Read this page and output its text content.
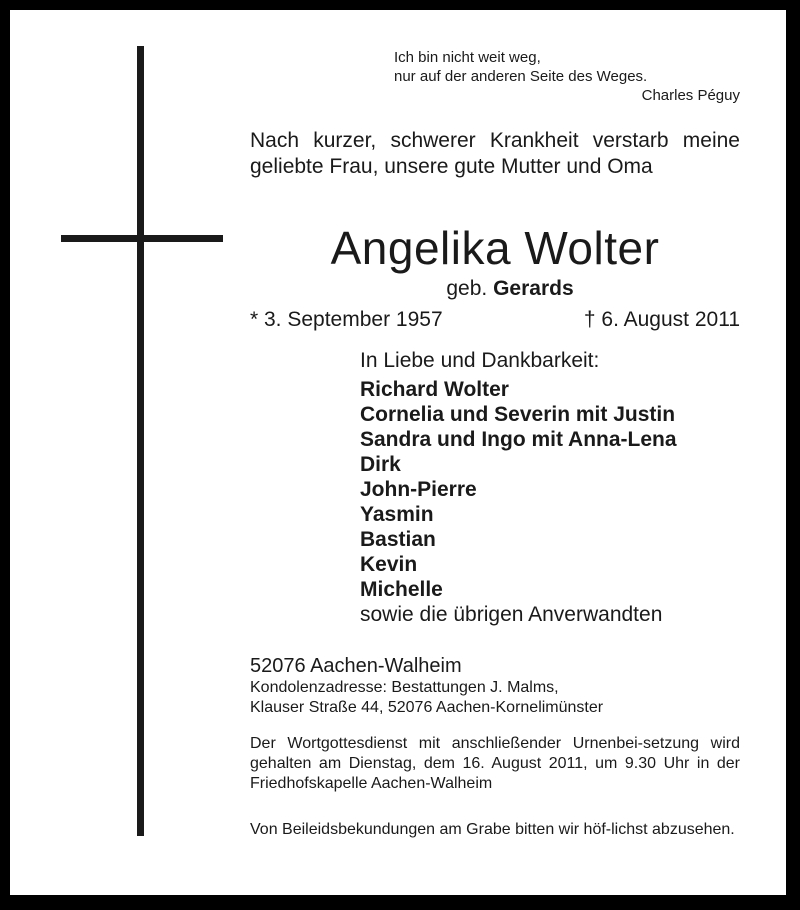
Ich bin nicht weit weg,
nur auf der anderen Seite des Weges.
Charles Péguy
Nach kurzer, schwerer Krankheit verstarb meine geliebte Frau, unsere gute Mutter und Oma
Angelika Wolter
geb. Gerards
* 3. September 1957	† 6. August 2011
In Liebe und Dankbarkeit:
Richard Wolter
Cornelia und Severin mit Justin
Sandra und Ingo mit Anna-Lena
Dirk
John-Pierre
Yasmin
Bastian
Kevin
Michelle
sowie die übrigen Anverwandten
52076 Aachen-Walheim
Kondolenzadresse: Bestattungen J. Malms,
Klauser Straße 44, 52076 Aachen-Kornelimünster
Der Wortgottesdienst mit anschließender Urnenbei-setzung wird gehalten am Dienstag, dem 16. August 2011, um 9.30 Uhr in der Friedhofskapelle Aachen-Walheim
Von Beileidsbekundungen am Grabe bitten wir höf-lichst abzusehen.
